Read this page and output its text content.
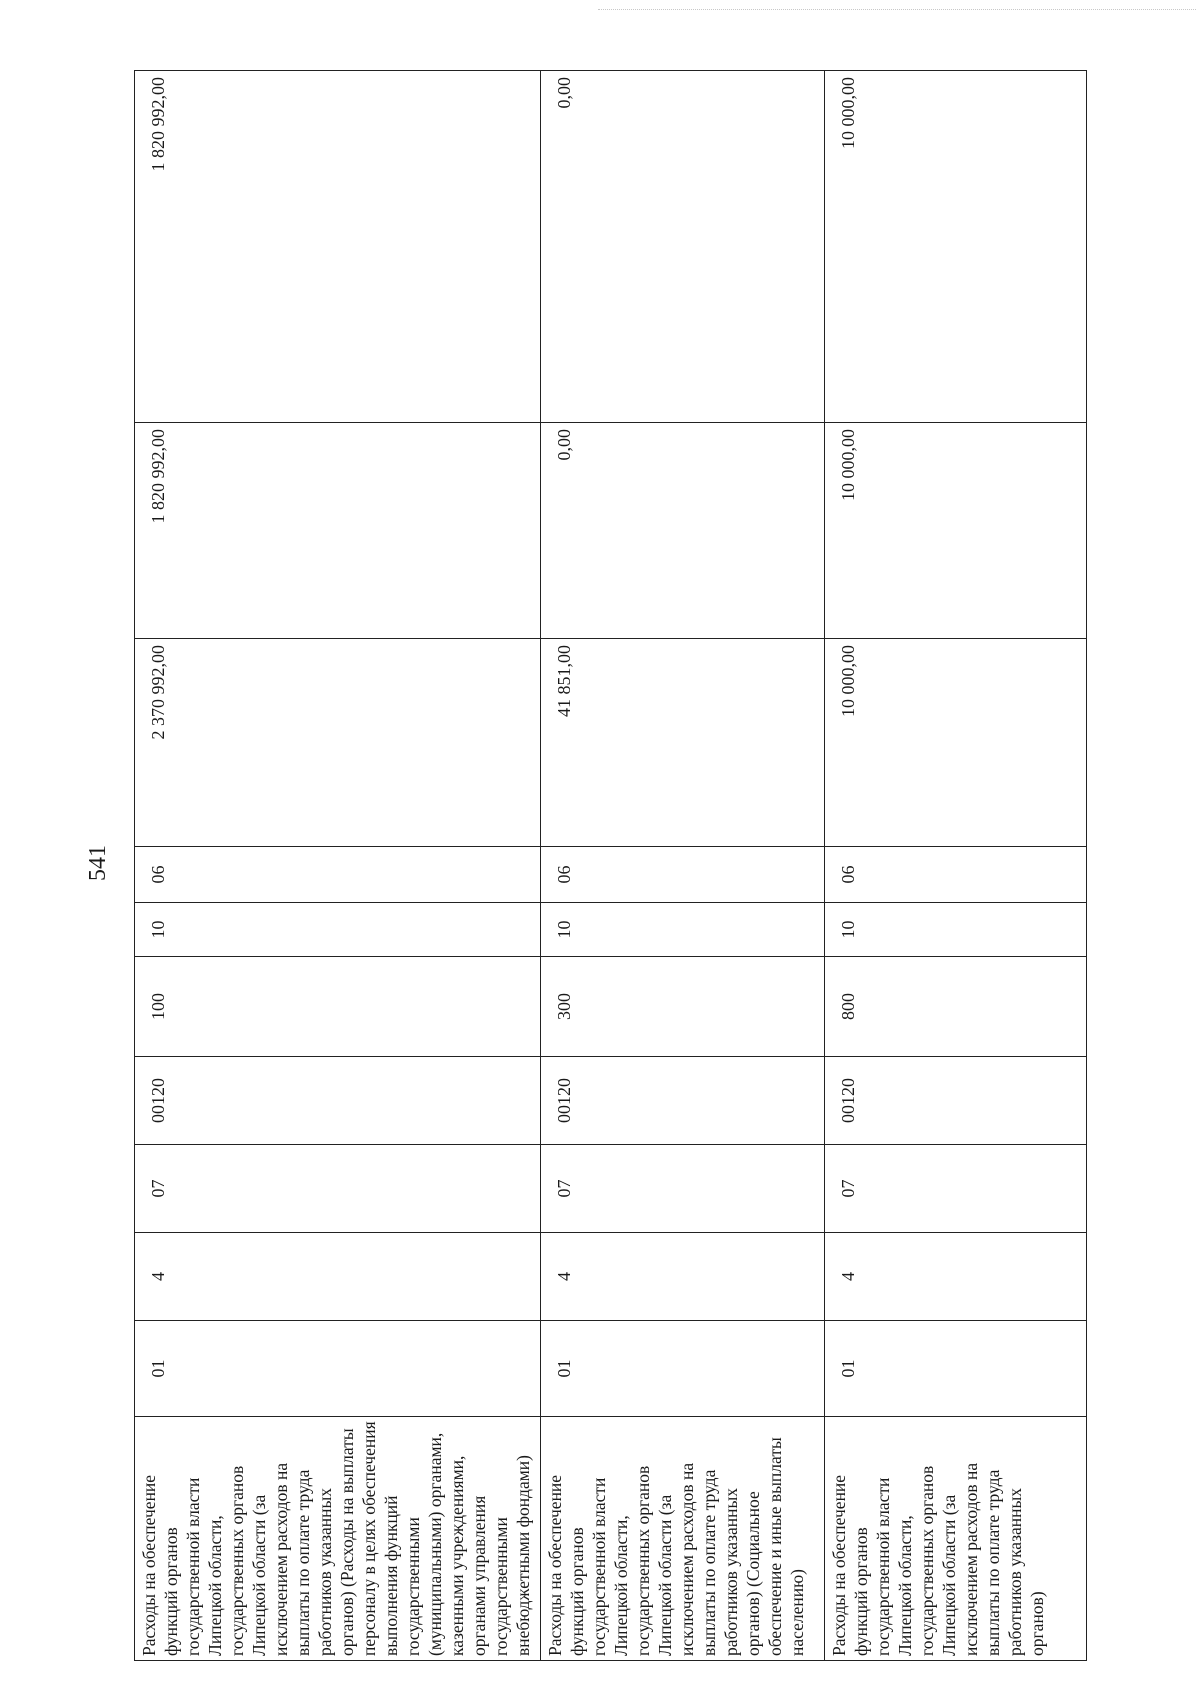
541
Расходы на обеспечение функций органов государственной власти Липецкой области, государственных органов Липецкой области (за исключением расходов на выплаты по оплате труда работников указанных органов) (Расходы на выплаты персоналу в целях обеспечения выполнения функций государственными (муниципальными) органами, казенными учреждениями, органами управления государственными внебюджетными фондами)	01	4	07	00120	100	10	06	2 370 992,00	1 820 992,00	1 820 992,00
Расходы на обеспечение функций органов государственной власти Липецкой области, государственных органов Липецкой области (за исключением расходов на выплаты по оплате труда работников указанных органов) (Социальное обеспечение и иные выплаты населению)	01	4	07	00120	300	10	06	41 851,00	0,00	0,00
Расходы на обеспечение функций органов государственной власти Липецкой области, государственных органов Липецкой области (за исключением расходов на выплаты по оплате труда работников указанных органов)	01	4	07	00120	800	10	06	10 000,00	10 000,00	10 000,00
